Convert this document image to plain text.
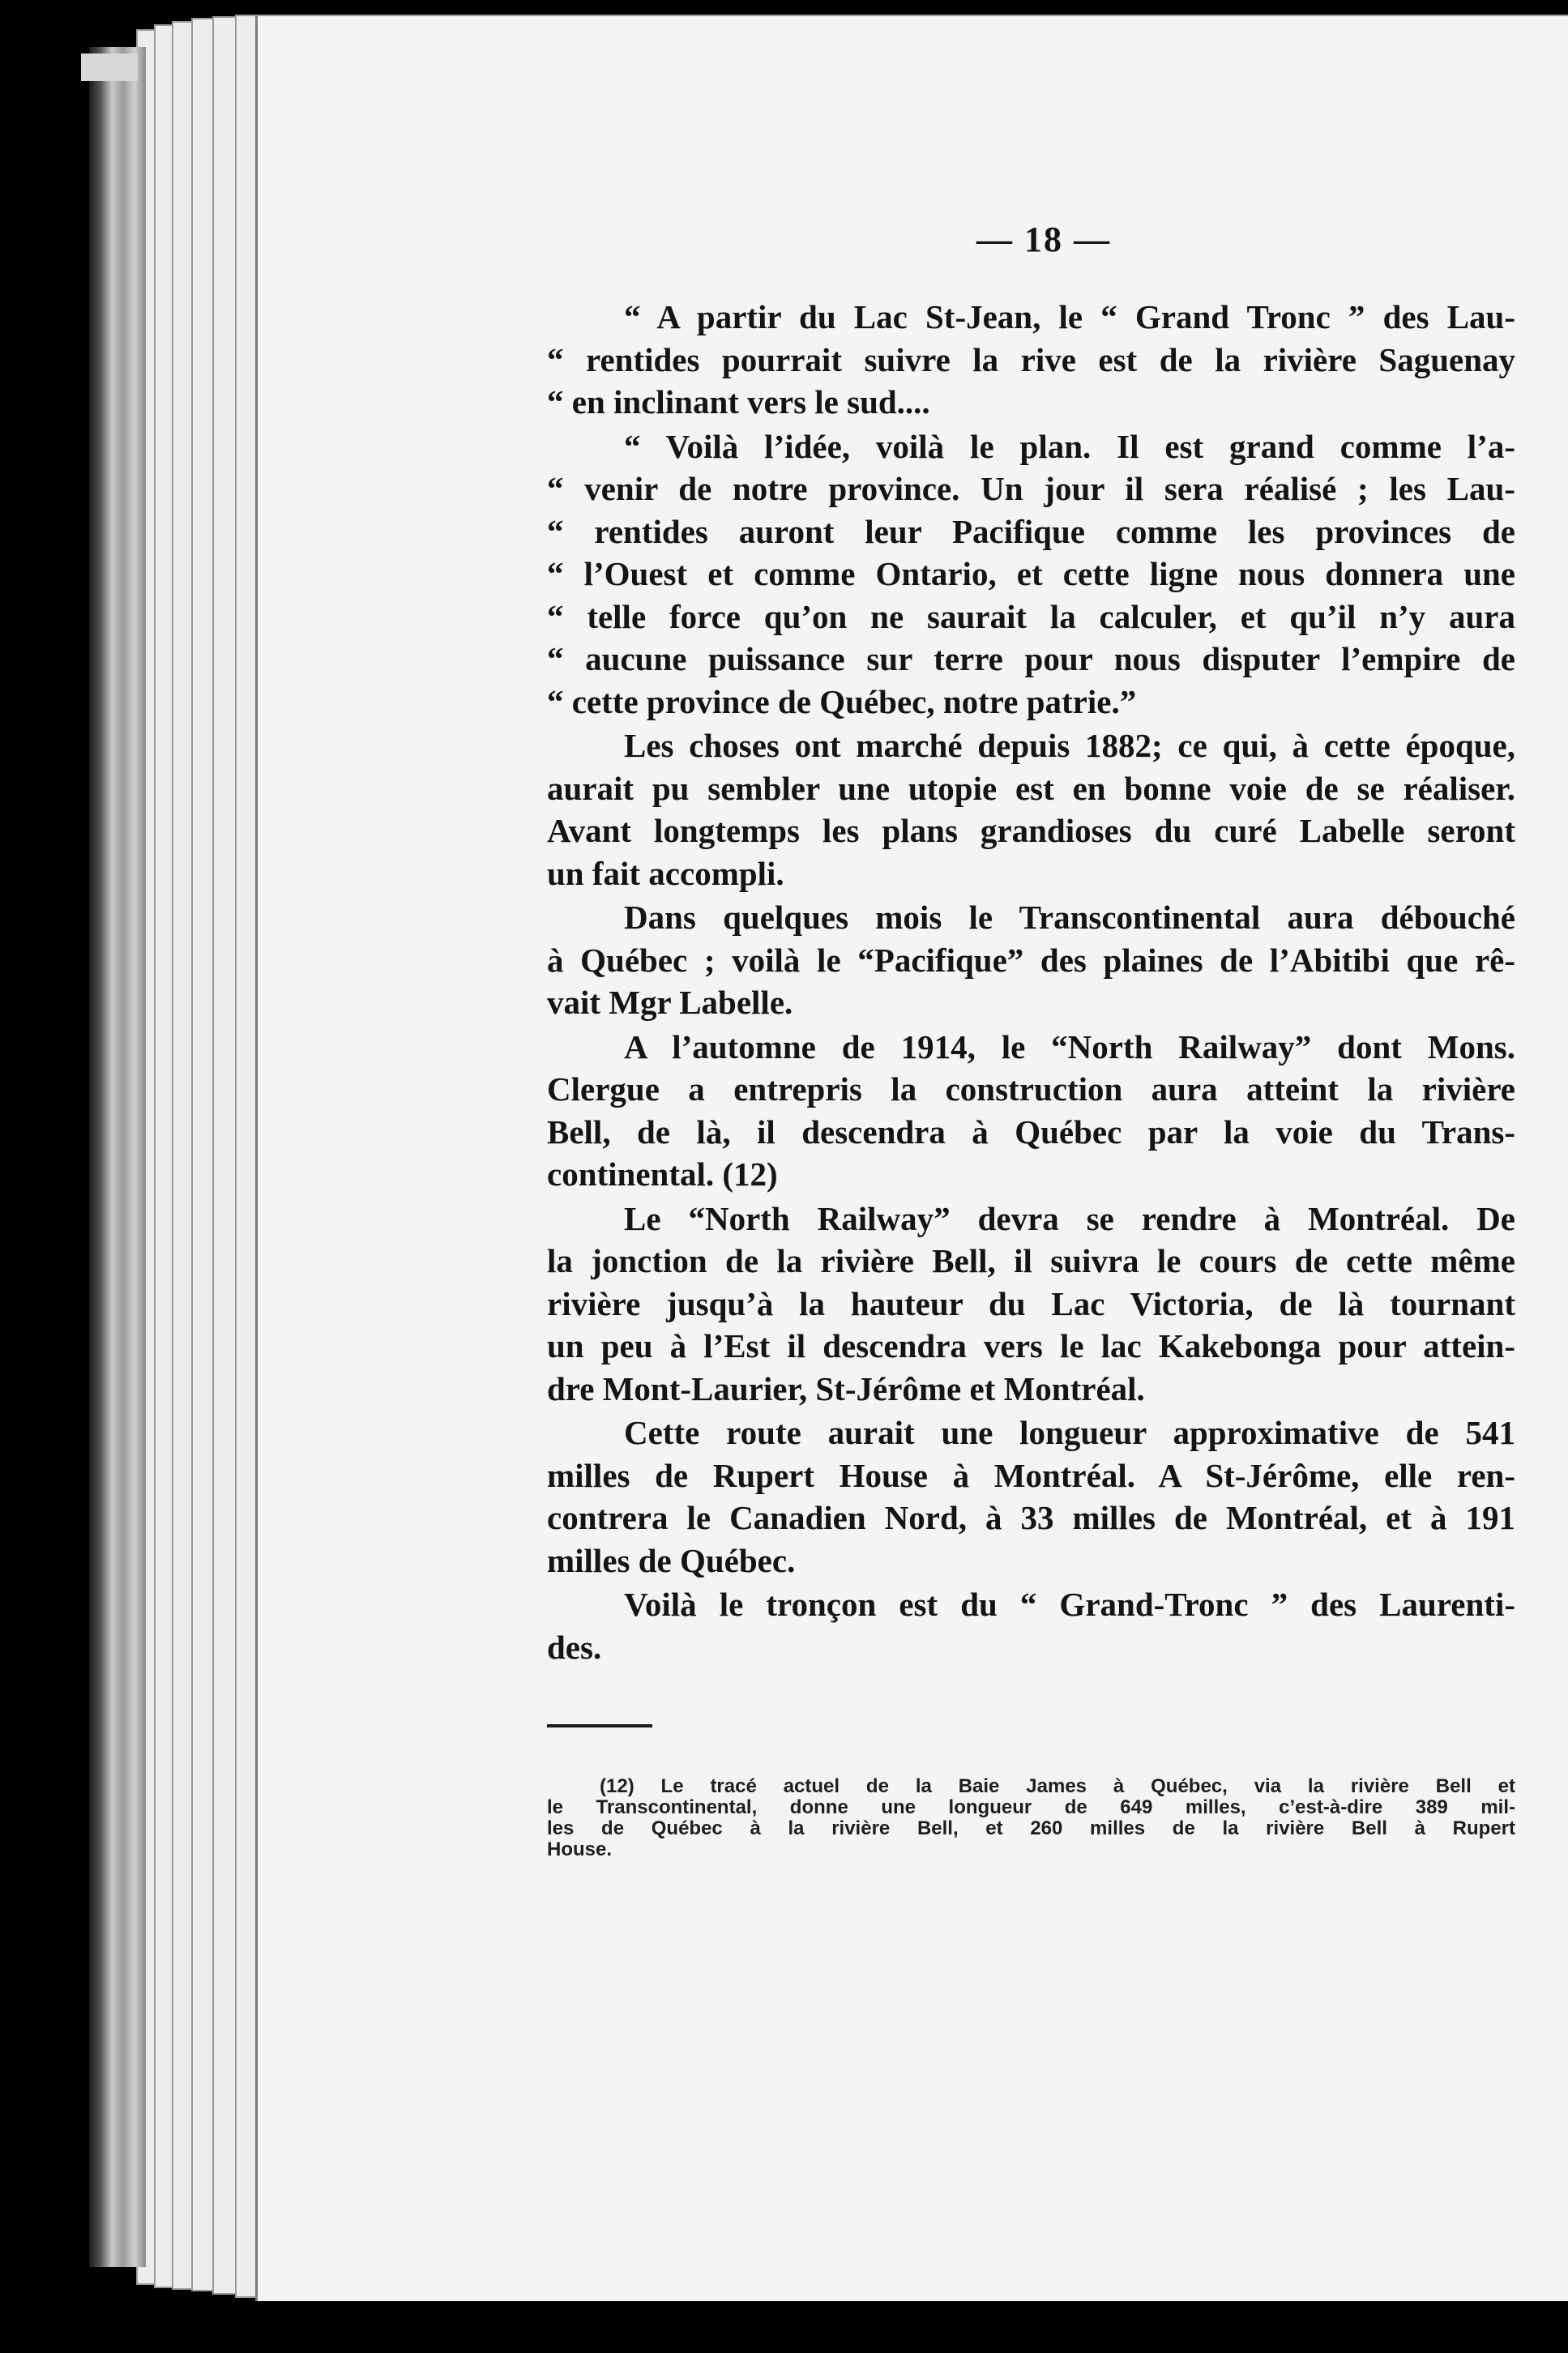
— 18 —
“ A partir du Lac St-Jean, le “ Grand Tronc ” des Lau-
“ rentides pourrait suivre la rive est de la rivière Saguenay
“ en inclinant vers le sud....
“ Voilà l’idée, voilà le plan. Il est grand comme l’a-
“ venir de notre province. Un jour il sera réalisé ; les Lau-
“ rentides auront leur Pacifique comme les provinces de
“ l’Ouest et comme Ontario, et cette ligne nous donnera une
“ telle force qu’on ne saurait la calculer, et qu’il n’y aura
“ aucune puissance sur terre pour nous disputer l’empire de
“ cette province de Québec, notre patrie.”
Les choses ont marché depuis 1882; ce qui, à cette époque,
aurait pu sembler une utopie est en bonne voie de se réaliser.
Avant longtemps les plans grandioses du curé Labelle seront
un fait accompli.
Dans quelques mois le Transcontinental aura débouché
à Québec ; voilà le “Pacifique” des plaines de l’Abitibi que rê-
vait Mgr Labelle.
A l’automne de 1914, le “North Railway” dont Mons.
Clergue a entrepris la construction aura atteint la rivière
Bell, de là, il descendra à Québec par la voie du Trans-
continental. (12)
Le “North Railway” devra se rendre à Montréal. De
la jonction de la rivière Bell, il suivra le cours de cette même
rivière jusqu’à la hauteur du Lac Victoria, de là tournant
un peu à l’Est il descendra vers le lac Kakebonga pour attein-
dre Mont-Laurier, St-Jérôme et Montréal.
Cette route aurait une longueur approximative de 541
milles de Rupert House à Montréal. A St-Jérôme, elle ren-
contrera le Canadien Nord, à 33 milles de Montréal, et à 191
milles de Québec.
Voilà le tronçon est du “ Grand-Tronc ” des Laurenti-
des.
(12) Le tracé actuel de la Baie James à Québec, via la rivière Bell et
le Transcontinental, donne une longueur de 649 milles, c’est-à-dire 389 mil-
les de Québec à la rivière Bell, et 260 milles de la rivière Bell à Rupert
House.
